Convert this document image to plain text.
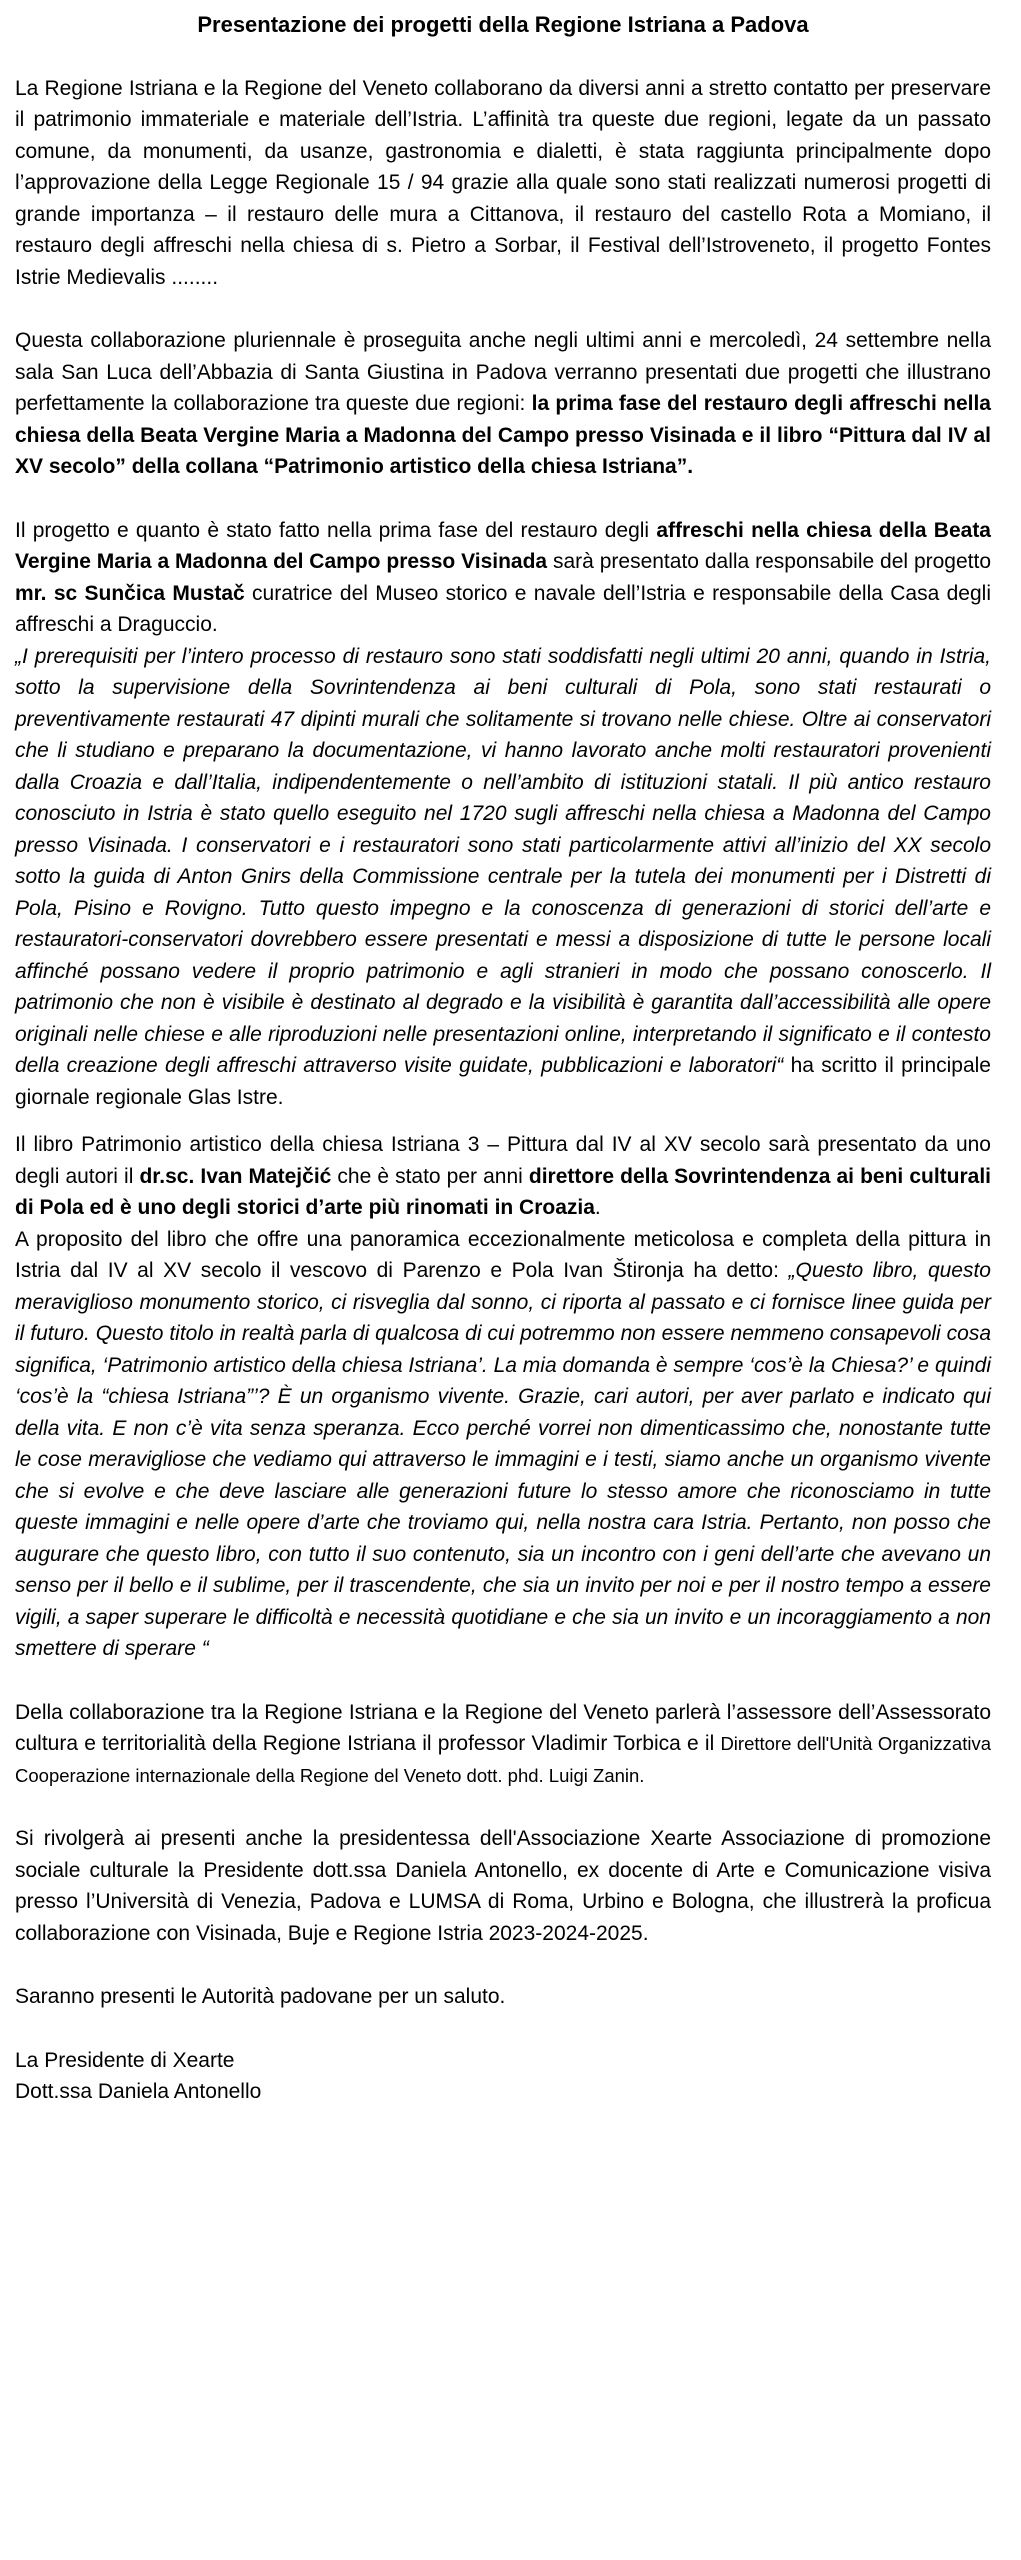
Presentazione dei progetti della Regione Istriana a Padova

La Regione Istriana e la Regione del Veneto collaborano da diversi anni a stretto contatto per preservare il patrimonio immateriale e materiale dell’Istria. L’affinità tra queste due regioni, legate da un passato comune, da monumenti, da usanze, gastronomia e dialetti, è stata raggiunta principalmente dopo l’approvazione della Legge Regionale 15 / 94 grazie alla quale sono stati realizzati numerosi progetti di grande importanza – il restauro delle mura a Cittanova, il restauro del castello Rota a Momiano, il restauro degli affreschi nella chiesa di s. Pietro a Sorbar, il Festival dell’Istroveneto, il progetto Fontes Istrie Medievalis ........

Questa collaborazione pluriennale è proseguita anche negli ultimi anni e mercoledì, 24 settembre nella sala San Luca dell’Abbazia di Santa Giustina in Padova verranno presentati due progetti che illustrano perfettamente la collaborazione tra queste due regioni: la prima fase del restauro degli affreschi nella chiesa della Beata Vergine Maria a Madonna del Campo presso Visinada e il libro “Pittura dal IV al XV secolo” della collana “Patrimonio artistico della chiesa Istriana”.

Il progetto e quanto è stato fatto nella prima fase del restauro degli affreschi nella chiesa della Beata Vergine Maria a Madonna del Campo presso Visinada sarà presentato dalla responsabile del progetto mr. sc Sunčica Mustač curatrice del Museo storico e navale dell’Istria e responsabile della Casa degli affreschi a Draguccio.

„I prerequisiti per l’intero processo di restauro sono stati soddisfatti negli ultimi 20 anni, quando in Istria, sotto la supervisione della Sovrintendenza ai beni culturali di Pola, sono stati restaurati o preventivamente restaurati 47 dipinti murali che solitamente si trovano nelle chiese. Oltre ai conservatori che li studiano e preparano la documentazione, vi hanno lavorato anche molti restauratori provenienti dalla Croazia e dall’Italia, indipendentemente o nell’ambito di istituzioni statali. Il più antico restauro conosciuto in Istria è stato quello eseguito nel 1720 sugli affreschi nella chiesa a Madonna del Campo presso Visinada. I conservatori e i restauratori sono stati particolarmente attivi all’inizio del XX secolo sotto la guida di Anton Gnirs della Commissione centrale per la tutela dei monumenti per i Distretti di Pola, Pisino e Rovigno. Tutto questo impegno e la conoscenza di generazioni di storici dell’arte e restauratori-conservatori dovrebbero essere presentati e messi a disposizione di tutte le persone locali affinché possano vedere il proprio patrimonio e agli stranieri in modo che possano conoscerlo. Il patrimonio che non è visibile è destinato al degrado e la visibilità è garantita dall’accessibilità alle opere originali nelle chiese e alle riproduzioni nelle presentazioni online, interpretando il significato e il contesto della creazione degli affreschi attraverso visite guidate, pubblicazioni e laboratori“ ha scritto il principale giornale regionale Glas Istre.

Il libro Patrimonio artistico della chiesa Istriana 3 – Pittura dal IV al XV secolo sarà presentato da uno degli autori il dr.sc. Ivan Matejčić che è stato per anni direttore della Sovrintendenza ai beni culturali di Pola ed è uno degli storici d’arte più rinomati in Croazia.

A proposito del libro che offre una panoramica eccezionalmente meticolosa e completa della pittura in Istria dal IV al XV secolo il vescovo di Parenzo e Pola Ivan Štironja ha detto: „Questo libro, questo meraviglioso monumento storico, ci risveglia dal sonno, ci riporta al passato e ci fornisce linee guida per il futuro. Questo titolo in realtà parla di qualcosa di cui potremmo non essere nemmeno consapevoli cosa significa, ‘Patrimonio artistico della chiesa Istriana’. La mia domanda è sempre ‘cos’è la Chiesa?’ e quindi ‘cos’è la “chiesa Istriana”’? È un organismo vivente. Grazie, cari autori, per aver parlato e indicato qui della vita. E non c’è vita senza speranza. Ecco perché vorrei non dimenticassimo che, nonostante tutte le cose meravigliose che vediamo qui attraverso le immagini e i testi, siamo anche un organismo vivente che si evolve e che deve lasciare alle generazioni future lo stesso amore che riconosciamo in tutte queste immagini e nelle opere d’arte che troviamo qui, nella nostra cara Istria. Pertanto, non posso che augurare che questo libro, con tutto il suo contenuto, sia un incontro con i geni dell’arte che avevano un senso per il bello e il sublime, per il trascendente, che sia un invito per noi e per il nostro tempo a essere vigili, a saper superare le difficoltà e necessità quotidiane e che sia un invito e un incoraggiamento a non smettere di sperare “

Della collaborazione tra la Regione Istriana e la Regione del Veneto parlerà l’assessore dell’Assessorato cultura e territorialità della Regione Istriana il professor Vladimir Torbica e il Direttore dell'Unità Organizzativa Cooperazione internazionale della Regione del Veneto dott. phd. Luigi Zanin.

Si rivolgerà ai presenti anche la presidentessa dell'Associazione Xearte Associazione di promozione sociale culturale la Presidente dott.ssa Daniela Antonello, ex docente di Arte e Comunicazione visiva presso l’Università di Venezia, Padova e LUMSA di Roma, Urbino e Bologna, che illustrerà la proficua collaborazione con Visinada, Buje e Regione Istria 2023-2024-2025.

Saranno presenti le Autorità padovane per un saluto.

La Presidente di Xearte

Dott.ssa Daniela Antonello
